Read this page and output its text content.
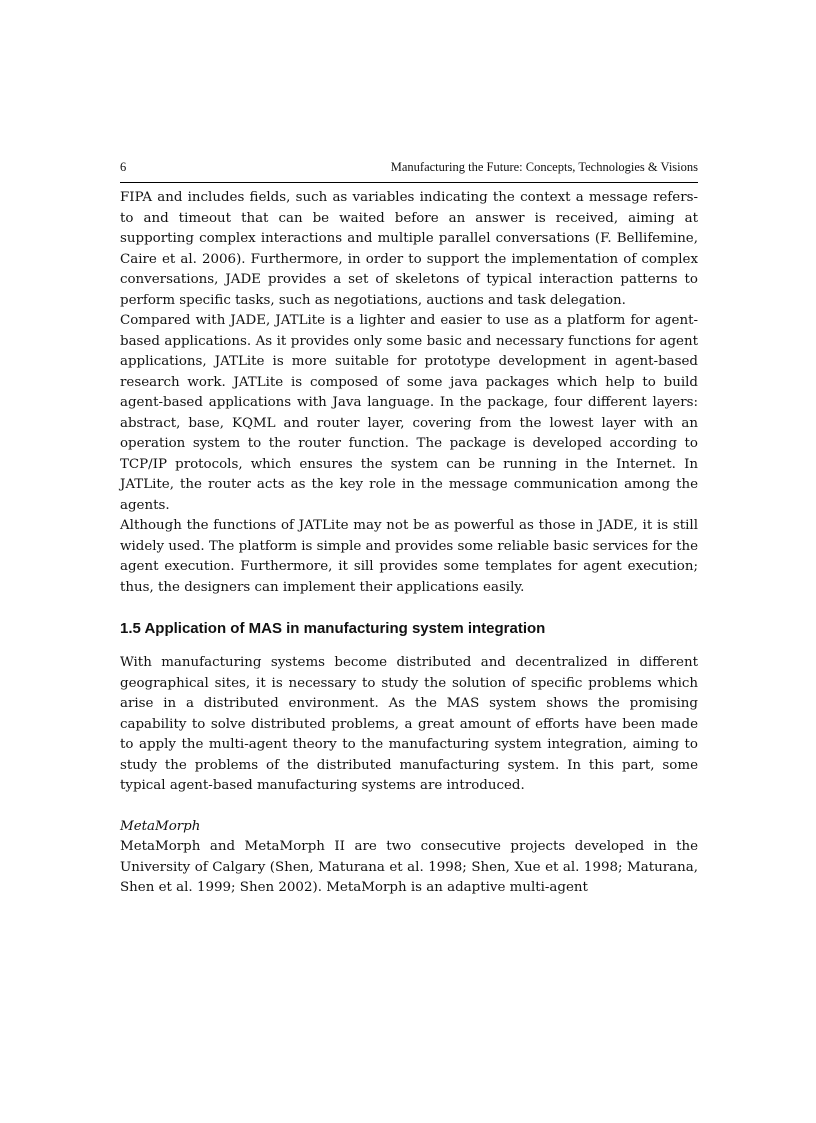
6	Manufacturing the Future: Concepts, Technologies & Visions

FIPA and includes fields, such as variables indicating the context a message refers-to and timeout that can be waited before an answer is received, aiming at supporting complex interactions and multiple parallel conversations (F. Bellifemine, Caire et al. 2006). Furthermore, in order to support the implementation of complex conversations, JADE provides a set of skeletons of typical interaction patterns to perform specific tasks, such as negotiations, auctions and task delegation.

Compared with JADE, JATLite is a lighter and easier to use as a platform for agent-based applications. As it provides only some basic and necessary functions for agent applications, JATLite is more suitable for prototype development in agent-based research work. JATLite is composed of some java packages which help to build agent-based applications with Java language. In the package, four different layers: abstract, base, KQML and router layer, covering from the lowest layer with an operation system to the router function. The package is developed according to TCP/IP protocols, which ensures the system can be running in the Internet. In JATLite, the router acts as the key role in the message communication among the agents.

Although the functions of JATLite may not be as powerful as those in JADE, it is still widely used. The platform is simple and provides some reliable basic services for the agent execution. Furthermore, it sill provides some templates for agent execution; thus, the designers can implement their applications easily.

1.5 Application of MAS in manufacturing system integration

With manufacturing systems become distributed and decentralized in different geographical sites, it is necessary to study the solution of specific problems which arise in a distributed environment. As the MAS system shows the promising capability to solve distributed problems, a great amount of efforts have been made to apply the multi-agent theory to the manufacturing system integration, aiming to study the problems of the distributed manufacturing system. In this part, some typical agent-based manufacturing systems are introduced.

MetaMorph

MetaMorph and MetaMorph II are two consecutive projects developed in the University of Calgary (Shen, Maturana et al. 1998; Shen, Xue et al. 1998; Maturana, Shen et al. 1999; Shen 2002). MetaMorph is an adaptive multi-agent
